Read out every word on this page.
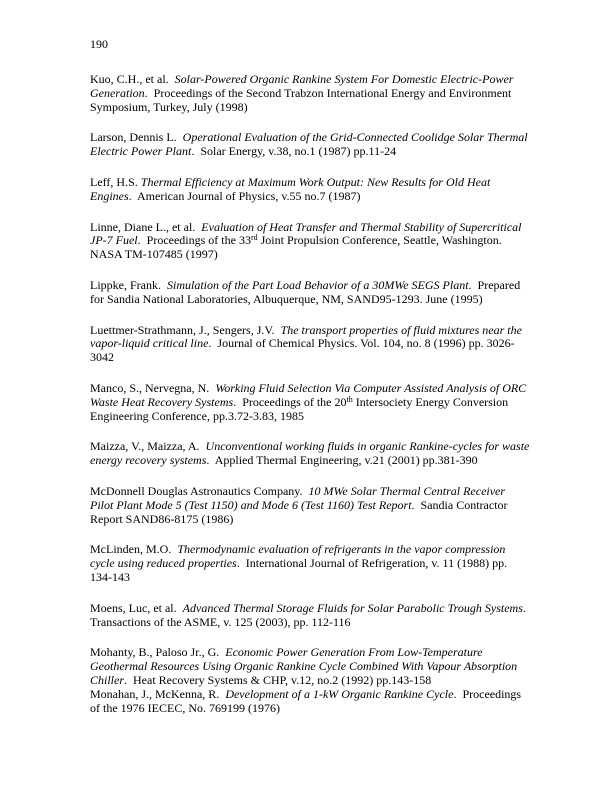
190

Kuo, C.H., et al. Solar-Powered Organic Rankine System For Domestic Electric-Power Generation.  Proceedings of the Second Trabzon International Energy and Environment Symposium, Turkey, July (1998)

Larson, Dennis L. Operational Evaluation of the Grid-Connected Coolidge Solar Thermal Electric Power Plant.  Solar Energy, v.38, no.1 (1987) pp.11-24

Leff, H.S. Thermal Efficiency at Maximum Work Output: New Results for Old Heat Engines.  American Journal of Physics, v.55 no.7 (1987)

Linne, Diane L., et al. Evaluation of Heat Transfer and Thermal Stability of Supercritical JP-7 Fuel.  Proceedings of the 33rd Joint Propulsion Conference, Seattle, Washington. NASA TM-107485 (1997)

Lippke, Frank. Simulation of the Part Load Behavior of a 30MWe SEGS Plant.  Prepared for Sandia National Laboratories, Albuquerque, NM, SAND95-1293. June (1995)

Luettmer-Strathmann, J., Sengers, J.V. The transport properties of fluid mixtures near the vapor-liquid critical line.  Journal of Chemical Physics. Vol. 104, no. 8 (1996) pp. 3026-3042

Manco, S., Nervegna, N. Working Fluid Selection Via Computer Assisted Analysis of ORC Waste Heat Recovery Systems.  Proceedings of the 20th Intersociety Energy Conversion Engineering Conference, pp.3.72-3.83, 1985

Maizza, V., Maizza, A. Unconventional working fluids in organic Rankine-cycles for waste energy recovery systems.  Applied Thermal Engineering, v.21 (2001) pp.381-390

McDonnell Douglas Astronautics Company. 10 MWe Solar Thermal Central Receiver Pilot Plant Mode 5 (Test 1150) and Mode 6 (Test 1160) Test Report.  Sandia Contractor Report SAND86-8175 (1986)

McLinden, M.O. Thermodynamic evaluation of refrigerants in the vapor compression cycle using reduced properties.  International Journal of Refrigeration, v. 11 (1988) pp. 134-143

Moens, Luc, et al. Advanced Thermal Storage Fluids for Solar Parabolic Trough Systems.  Transactions of the ASME, v. 125 (2003), pp. 112-116

Mohanty, B., Paloso Jr., G. Economic Power Generation From Low-Temperature Geothermal Resources Using Organic Rankine Cycle Combined With Vapour Absorption Chiller.  Heat Recovery Systems & CHP, v.12, no.2 (1992) pp.143-158

Monahan, J., McKenna, R. Development of a 1-kW Organic Rankine Cycle.  Proceedings of the 1976 IECEC, No. 769199 (1976)
